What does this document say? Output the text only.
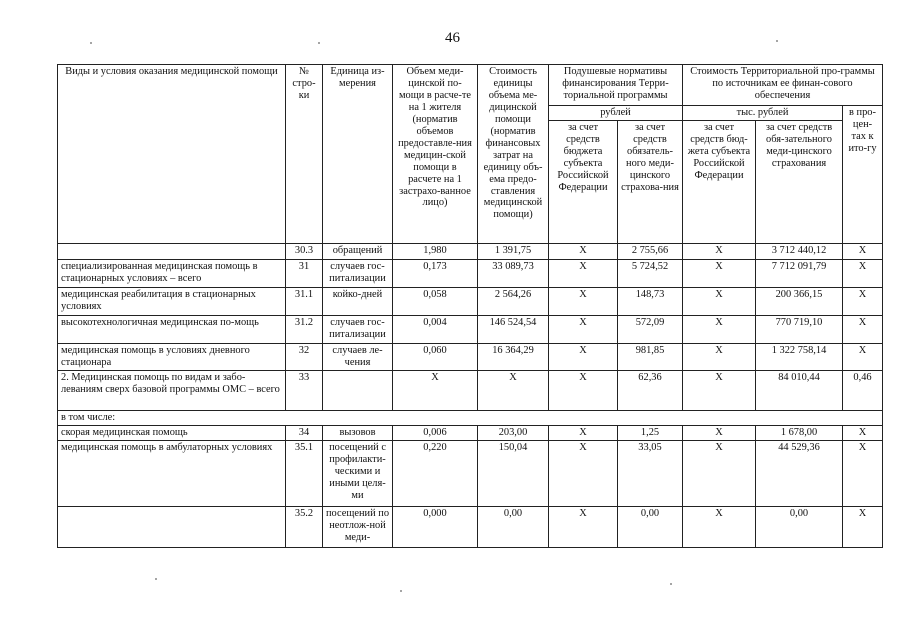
46
Виды и условия оказания медицинской помощи	№ стро-ки	Единица из-мерения	Объем меди-цинской по-мощи в расче-те на 1 жителя (норматив объемов предоставле-ния медицин-ской помощи в расчете на 1 застрахо-ванное лицо)	Стоимость единицы объема ме-дицинской помощи (норматив финансовых затрат на единицу объ-ема предо-ставления медицинской помощи)	Подушевые нормативы финансирования Терри-ториальной программы		Стоимость Территориальной про-граммы по источникам ее финан-сового обеспечения		
					рублей		тыс. рублей		в про-цен-тах к ито-гу
					за счет средств бюджета субъекта Российской Федерации	за счет средств обязатель-ного меди-цинского страхова-ния	за счет средств бюд-жета субъекта Российской Федерации	за счет средств обя-зательного меди-цинского страхования	
	30.3	обращений	1,980	1 391,75	X	2 755,66	X	3 712 440,12	X
специализированная медицинская помощь в стационарных условиях – всего	31	случаев гос-питализации	0,173	33 089,73	X	5 724,52	X	7 712 091,79	X
медицинская реабилитация в стационарных условиях	31.1	койко-дней	0,058	2 564,26	X	148,73	X	200 366,15	X
высокотехнологичная медицинская по-мощь	31.2	случаев гос-питализации	0,004	146 524,54	X	572,09	X	770 719,10	X
медицинская помощь в условиях дневного стационара	32	случаев ле-чения	0,060	16 364,29	X	981,85	X	1 322 758,14	X
2. Медицинская помощь по видам и забо-леваниям сверх базовой программы ОМС – всего	33		X	X	X	62,36	X	84 010,44	0,46
в том числе:									
скорая медицинская помощь	34	вызовов	0,006	203,00	X	1,25	X	1 678,00	X
медицинская помощь в амбулаторных условиях	35.1	посещений с профилакти-ческими и иными целя-ми	0,220	150,04	X	33,05	X	44 529,36	X
	35.2	посещений по неотлож-ной меди-	0,000	0,00	X	0,00	X	0,00	X
